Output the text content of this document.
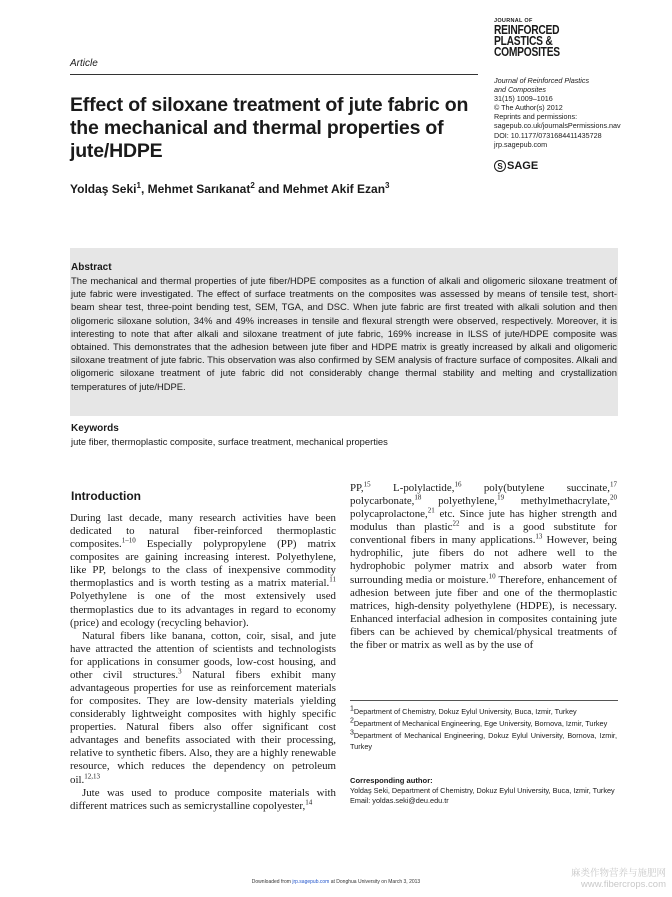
Article
JOURNAL OF
REINFORCED
PLASTICS &
COMPOSITES
Journal of Reinforced Plastics
and Composites
31(15) 1009–1016
© The Author(s) 2012
Reprints and permissions:
sagepub.co.uk/journalsPermissions.nav
DOI: 10.1177/0731684411435728
jrp.sagepub.com
S SAGE
Effect of siloxane treatment of jute fabric on the mechanical and thermal properties of jute/HDPE
Yoldaş Seki$^1$, Mehmet Sarıkanat$^2$ and Mehmet Akif Ezan$^3$
Abstract

The mechanical and thermal properties of jute fiber/HDPE composites as a function of alkali and oligomeric siloxane treatment of jute fabric were investigated. The effect of surface treatments on the composites was assessed by means of tensile test, short-beam shear test, three-point bending test, SEM, TGA, and DSC. When jute fabric are first treated with alkali solution and then oligomeric siloxane solution, 34% and 49% increases in tensile and flexural strength were observed, respectively. Moreover, it is interesting to note that after alkali and siloxane treatment of jute fabric, 169% increase in ILSS of jute/HDPE composite was obtained. This demonstrates that the adhesion between jute fiber and HDPE matrix is greatly increased by alkali and oligomeric siloxane treatment of jute fabric. This observation was also confirmed by SEM analysis of fracture surface of composites. Alkali and oligomeric siloxane treatment of jute fabric did not considerably change thermal stability and melting and crystallization temperatures of jute/HDPE.

Keywords
jute fiber, thermoplastic composite, surface treatment, mechanical properties
Introduction

During last decade, many research activities have been dedicated to natural fiber-reinforced thermoplastic composites.$^{1-10}$ Especially polypropylene (PP) matrix composites are gaining increasing interest. Polyethylene, like PP, belongs to the class of inexpensive commodity thermoplastics and is worth testing as a matrix material.$^{11}$ Polyethylene is one of the most extensively used thermoplastics due to its advantages in regard to economy (price) and ecology (recycling behavior).

Natural fibers like banana, cotton, coir, sisal, and jute have attracted the attention of scientists and technologists for applications in consumer goods, low-cost housing, and other civil structures.$^3$ Natural fibers exhibit many advantageous properties for use as reinforcement materials for composites. They are low-density materials yielding considerably lightweight composites with highly specific properties. Natural fibers also offer significant cost advantages and benefits associated with their processing, relative to synthetic fibers. Also, they are a highly renewable resource, which reduces the dependency on petroleum oil.$^{12,13}$

Jute was used to produce composite materials with different matrices such as semicrystalline copolyester,$^{14}$

PP,$^{15}$ L-polylactide,$^{16}$ poly(butylene succinate,$^{17}$ polycarbonate,$^{18}$ polyethylene,$^{19}$ methylmethacrylate,$^{20}$ polycaprolactone,$^{21}$ etc. Since jute has higher strength and modulus than plastic$^{22}$ and is a good substitute for conventional fibers in many applications.$^{13}$ However, being hydrophilic, jute fibers do not adhere well to the hydrophobic polymer matrix and absorb water from surrounding media or moisture.$^{10}$ Therefore, enhancement of adhesion between jute fiber and one of the thermoplastic matrices, high-density polyethylene (HDPE), is necessary. Enhanced interfacial adhesion in composites containing jute fibers can be achieved by chemical/physical treatments of the fiber or matrix as well as by the use of

$^1$Department of Chemistry, Dokuz Eylul University, Buca, Izmir, Turkey

$^2$Department of Mechanical Engineering, Ege University, Bornova, Izmir, Turkey

$^3$Department of Mechanical Engineering, Dokuz Eylul University, Bornova, Izmir, Turkey

Corresponding author:
Yoldaş Seki, Department of Chemistry, Dokuz Eylul University, Buca, Izmir, Turkey
Email: yoldas.seki@deu.edu.tr
Downloaded from jrp.sagepub.com at Donghua University on March 3, 2013
麻类作物营养与施肥网
www.fibercrops.com
